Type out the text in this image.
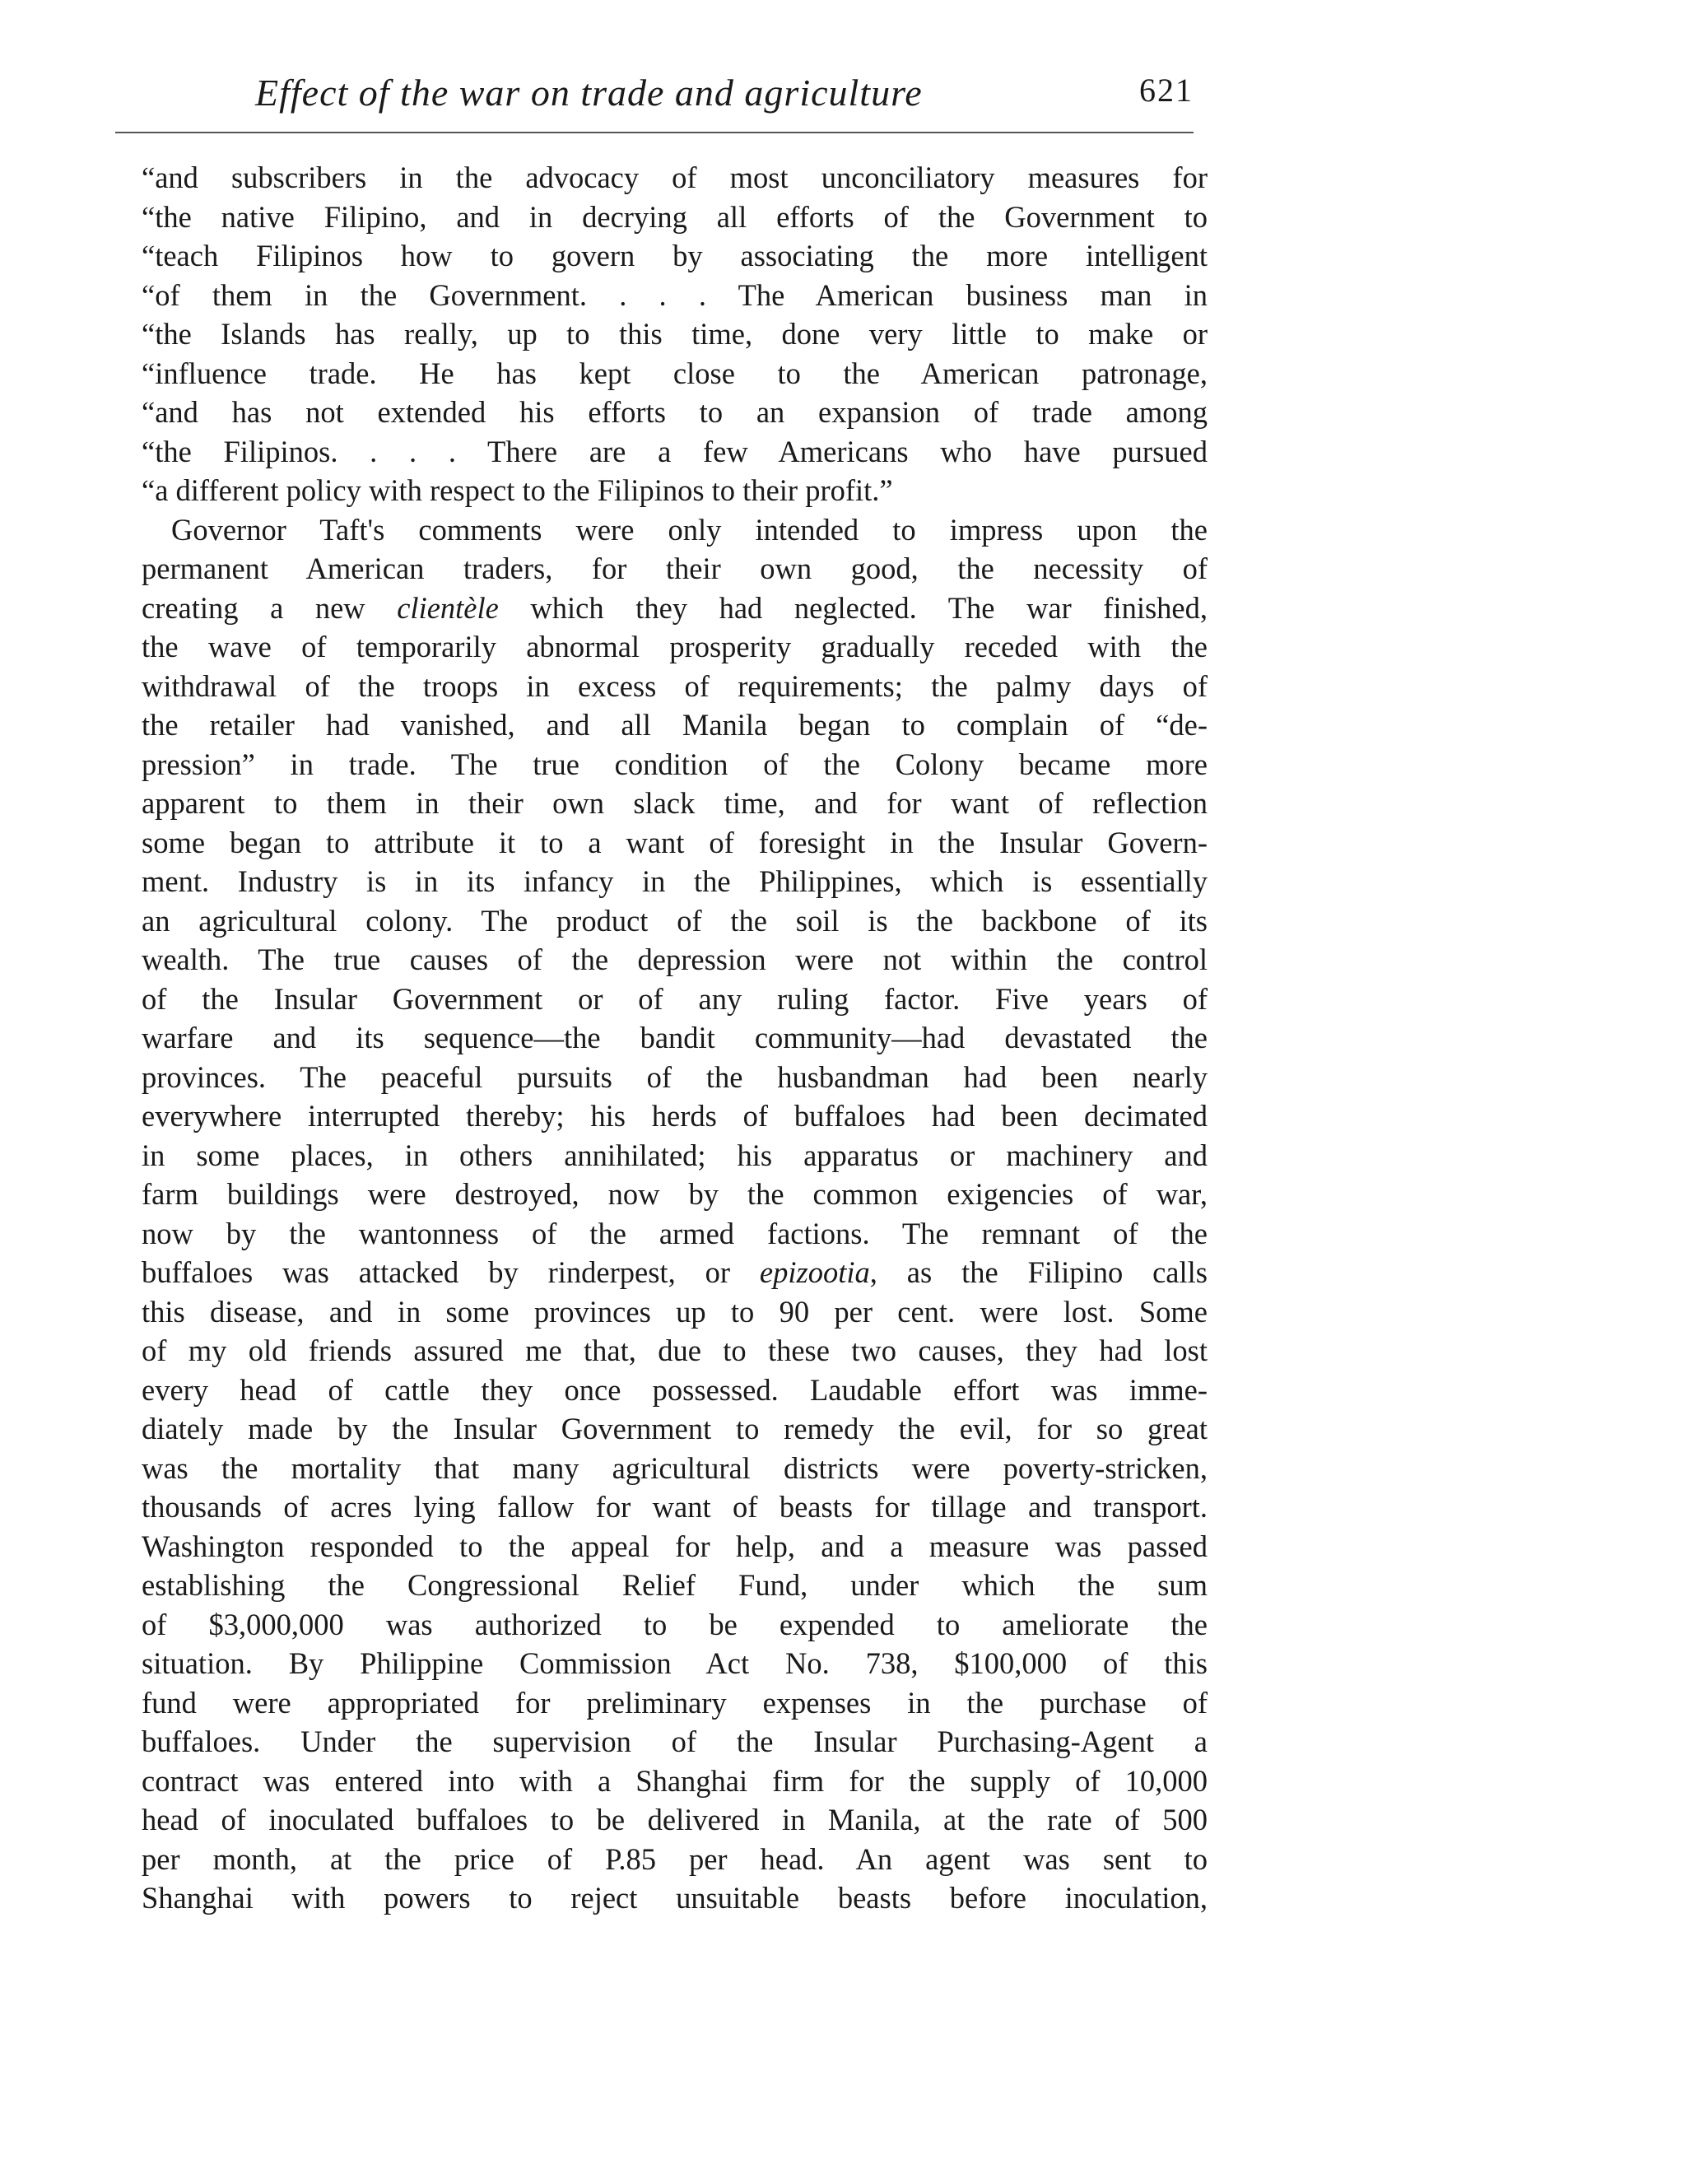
Effect of the war on trade and agriculture	621
“and subscribers in the advocacy of most unconciliatory measures for
“the native Filipino, and in decrying all efforts of the Government to
“teach Filipinos how to govern by associating the more intelligent
“of them in the Government. . . . The American business man in
“the Islands has really, up to this time, done very little to make or
“influence trade. He has kept close to the American patronage,
“and has not extended his efforts to an expansion of trade among
“the Filipinos. . . . There are a few Americans who have pursued
“a different policy with respect to the Filipinos to their profit.”
Governor Taft's comments were only intended to impress upon the
permanent American traders, for their own good, the necessity of
creating a new clientèle which they had neglected. The war finished,
the wave of temporarily abnormal prosperity gradually receded with the
withdrawal of the troops in excess of requirements; the palmy days of
the retailer had vanished, and all Manila began to complain of “de-
pression” in trade. The true condition of the Colony became more
apparent to them in their own slack time, and for want of reflection
some began to attribute it to a want of foresight in the Insular Govern-
ment. Industry is in its infancy in the Philippines, which is essentially
an agricultural colony. The product of the soil is the backbone of its
wealth. The true causes of the depression were not within the control
of the Insular Government or of any ruling factor. Five years of
warfare and its sequence—the bandit community—had devastated the
provinces. The peaceful pursuits of the husbandman had been nearly
everywhere interrupted thereby; his herds of buffaloes had been decimated
in some places, in others annihilated; his apparatus or machinery and
farm buildings were destroyed, now by the common exigencies of war,
now by the wantonness of the armed factions. The remnant of the
buffaloes was attacked by rinderpest, or epizootia, as the Filipino calls
this disease, and in some provinces up to 90 per cent. were lost. Some
of my old friends assured me that, due to these two causes, they had lost
every head of cattle they once possessed. Laudable effort was imme-
diately made by the Insular Government to remedy the evil, for so great
was the mortality that many agricultural districts were poverty-stricken,
thousands of acres lying fallow for want of beasts for tillage and transport.
Washington responded to the appeal for help, and a measure was passed
establishing the Congressional Relief Fund, under which the sum
of $3,000,000 was authorized to be expended to ameliorate the
situation. By Philippine Commission Act No. 738, $100,000 of this
fund were appropriated for preliminary expenses in the purchase of
buffaloes. Under the supervision of the Insular Purchasing-Agent a
contract was entered into with a Shanghai firm for the supply of 10,000
head of inoculated buffaloes to be delivered in Manila, at the rate of 500
per month, at the price of P.85 per head. An agent was sent to
Shanghai with powers to reject unsuitable beasts before inoculation,
